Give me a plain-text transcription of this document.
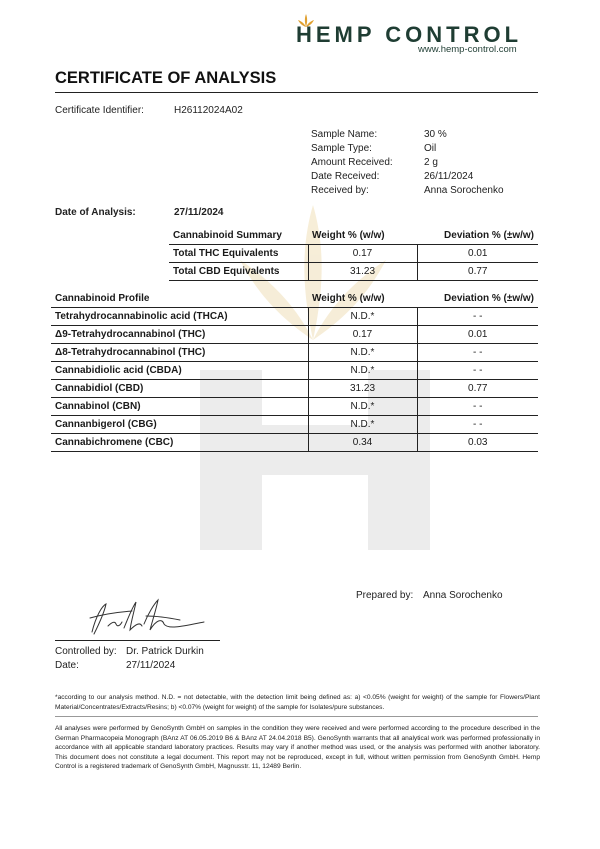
HEMP CONTROL
www.hemp-control.com
CERTIFICATE OF ANALYSIS
Certificate Identifier:	H26112024A02
Sample Name:	30 %
Sample Type:	Oil
Amount Received:	2 g
Date Received:	26/11/2024
Received by:	Anna Sorochenko
Date of Analysis:	27/11/2024
Cannabinoid Summary	Weight % (w/w)	Deviation % (±w/w)
Total THC Equivalents	0.17	0.01
Total CBD Equivalents	31.23	0.77
Cannabinoid Profile	Weight % (w/w)	Deviation % (±w/w)
Tetrahydrocannabinolic acid (THCA)	N.D.*	- -
Δ9-Tetrahydrocannabinol (THC)	0.17	0.01
Δ8-Tetrahydrocannabinol (THC)	N.D.*	- -
Cannabidiolic acid (CBDA)	N.D.*	- -
Cannabidiol (CBD)	31.23	0.77
Cannabinol (CBN)	N.D.*	- -
Cannanbigerol (CBG)	N.D.*	- -
Cannabichromene (CBC)	0.34	0.03
Prepared by: Anna Sorochenko
Controlled by: Dr. Patrick Durkin
Date:	27/11/2024
*according to our analysis method. N.D. = not detectable, with the detection limit being defined as: a) <0.05% (weight for weight) of the sample for Flowers/Plant Material/Concentrates/Extracts/Resins; b) <0.07% (weight for weight) of the sample for Isolates/pure substances.
All analyses were performed by GenoSynth GmbH on samples in the condition they were received and were performed according to the procedure described in the German Pharmacopeia Monograph (BAnz AT 06.05.2019 B6 & BAnz AT 24.04.2018 B5). GenoSynth warrants that all analytical work was performed professionally in accordance with all applicable standard laboratory practices. Results may vary if another method was used, or the analysis was performed with another laboratory. This document does not constitute a legal document. This report may not be reproduced, except in full, without written permission from GenoSynth GmbH. Hemp Control is a registered trademark of GenoSynth GmbH, Magnusstr. 11, 12489 Berlin.
